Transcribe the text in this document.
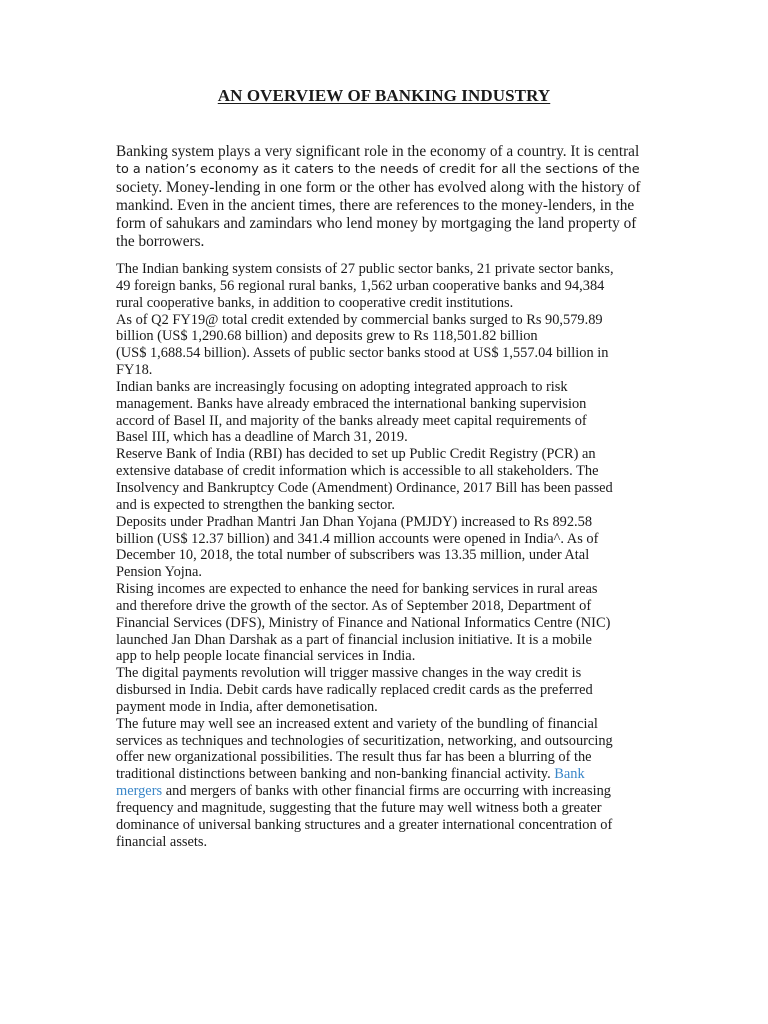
AN OVERVIEW OF BANKING INDUSTRY

Banking system plays a very significant role in the economy of a country. It is central
to a nation’s economy as it caters to the needs of credit for all the sections of the
society. Money-lending in one form or the other has evolved along with the history of
mankind. Even in the ancient times, there are references to the money-lenders, in the
form of sahukars and zamindars who lend money by mortgaging the land property of
the borrowers.

The Indian banking system consists of 27 public sector banks, 21 private sector banks,
49 foreign banks, 56 regional rural banks, 1,562 urban cooperative banks and 94,384
rural cooperative banks, in addition to cooperative credit institutions.

As of Q2 FY19@ total credit extended by commercial banks surged to Rs 90,579.89
billion (US$ 1,290.68 billion) and deposits grew to Rs 118,501.82 billion
(US$ 1,688.54 billion). Assets of public sector banks stood at US$ 1,557.04 billion in
FY18.

Indian banks are increasingly focusing on adopting integrated approach to risk
management. Banks have already embraced the international banking supervision
accord of Basel II, and majority of the banks already meet capital requirements of
Basel III, which has a deadline of March 31, 2019.

Reserve Bank of India (RBI) has decided to set up Public Credit Registry (PCR) an
extensive database of credit information which is accessible to all stakeholders. The
Insolvency and Bankruptcy Code (Amendment) Ordinance, 2017 Bill has been passed
and is expected to strengthen the banking sector.

Deposits under Pradhan Mantri Jan Dhan Yojana (PMJDY) increased to Rs 892.58
billion (US$ 12.37 billion) and 341.4 million accounts were opened in India^. As of
December 10, 2018, the total number of subscribers was 13.35 million, under Atal
Pension Yojna.

Rising incomes are expected to enhance the need for banking services in rural areas
and therefore drive the growth of the sector. As of September 2018, Department of
Financial Services (DFS), Ministry of Finance and National Informatics Centre (NIC)
launched Jan Dhan Darshak as a part of financial inclusion initiative. It is a mobile
app to help people locate financial services in India.

The digital payments revolution will trigger massive changes in the way credit is
disbursed in India. Debit cards have radically replaced credit cards as the preferred
payment mode in India, after demonetisation.

The future may well see an increased extent and variety of the bundling of financial
services as techniques and technologies of securitization, networking, and outsourcing
offer new organizational possibilities. The result thus far has been a blurring of the
traditional distinctions between banking and non-banking financial activity. Bank
mergers and mergers of banks with other financial firms are occurring with increasing
frequency and magnitude, suggesting that the future may well witness both a greater
dominance of universal banking structures and a greater international concentration of
financial assets.
